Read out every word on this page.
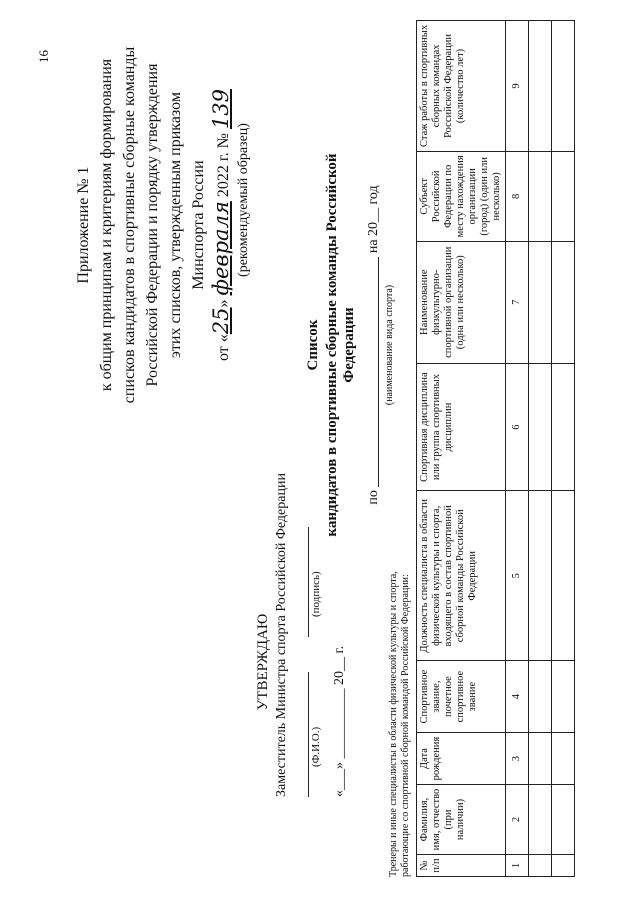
16
Приложение № 1 к общим принципам и критериям формирования списков кандидатов в спортивные сборные команды Российской Федерации и порядку утверждения этих списков, утвержденным приказом Минспорта России
от «25» февраля 2022 г. № 139
(рекомендуемый образец)
УТВЕРЖДАЮ Заместитель Министра спорта Российской Федерации (Ф.И.О.)
(подпись)
«___» __________ 20__ г.
Список кандидатов в спортивные сборные команды Российской Федерации
по  на 20__ год
(наименование вида спорта)
Тренеры и иные специалисты в области физической культуры и спорта, работающие со спортивной сборной командой Российской Федерации: № п/п	Фамилия, имя, отчество (при наличии)	Дата рождения	Спортивное звание, почетное спортивное звание	Должность специалиста в области физической культуры и спорта, входящего в состав спортивной сборной команды Российской Федерации	Спортивная дисциплина или группа спортивных дисциплин	Наименование физкультурно-спортивной организации (одна или несколько)	Субъект Российской Федерации по месту нахождения организации (город) (один или несколько)	Стаж работы в спортивных сборных командах Российской Федерации (количество лет)
1	2	3	4	5	6	7	8	9
